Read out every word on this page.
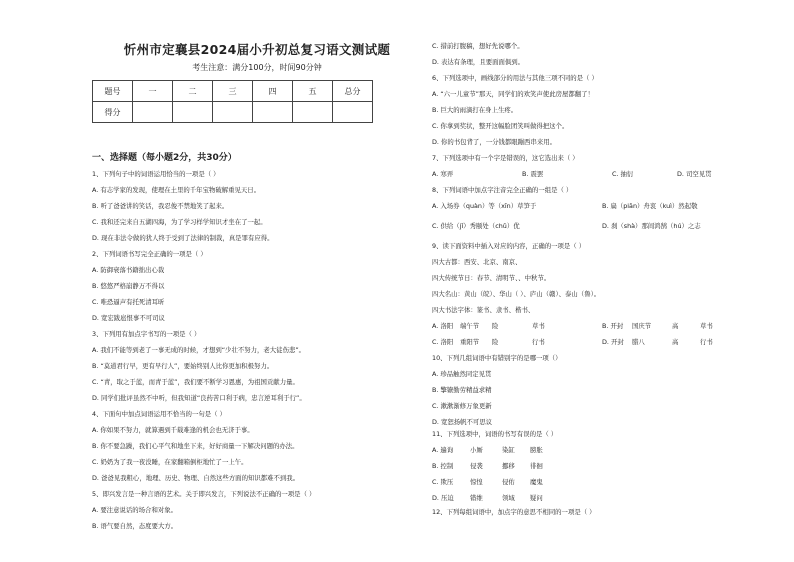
忻州市定襄县2024届小升初总复习语文测试题
考生注意：满分100分，时间90分钟
题号	一	二	三	四	五	总分
得分						
一、选择题（每小题2分，共30分）
1、下列句子中的词语运用恰当的一项是（ ）
A. 有志学家的发现，使理在土里的千年宝物破解重见天日。
B. 听了爸爸讲的笑话，我忍俊不禁地笑了起来。
C. 我和还完来自五湖四海，为了学习样学知识才坐在了一起。
D. 现在非法令做的犹人终于受到了法律的制裁，真是罪有应得。
2、下列词语书写完全正确的一项是（ ）
A. 防御衰落书籍拙出心裁
B. 悠悠严格崩静万不得以
C. 唯恐逼声有托死清耳昕
D. 宽宏跋扈恨事不可司议
3、下列用有加点字书写的一项是（ ）
A. 我们不能等到老了一事无成的时候，才想到“少壮不努力，老大徒伤悲”。
B. “莫道君行早，更有早行人”，要始终别人比你更加积极努力。
C. “青，取之于蓝，而青于蓝”，我们要不断学习恩惠，为祖国贡献力量。
D. 同学们批评虽然不中听，但我知道“良药苦口利于病，忠言逆耳利于行”。
4、下面句中加点词语运用不恰当的一句是（ ）
A. 你如果不努力，就算遇到千载难逢的机会也无济于事。
B. 你不要急躁，我们心平气和地坐下来，好好商量一下解决问题的办法。
C. 奶奶为了我一夜没睡，在家翻箱倒柜地忙了一上午。
D. 爸爸见我粗心，地理、历史、物理、自然这些方面的知识都难不到我。
5、即兴发言是一种言语的艺术。关于即兴发言，下列说法不正确的一项是（ ）
A. 要注意说话的场合和对象。
B. 语气要自然，态度要大方。
C. 措前打腹稿，想好先说哪个。
D. 表达有条理，且要面面俱到。
6、下列选项中，画线部分的用法与其他三项不同的是（ ）
A. “六一儿童节”那天，同学们的欢笑声使此房屋都翻了！
B. 巨大的雨滴打在身上生疼。
C. 你拿到奖状，整开这幅脸团笑叫做得把这个。
D. 你的书包背了，一分钱都眼蹦西串来用。
7、下列选项中有一个字是错误的，这它选出来（ ）
8、下列词语中加点字注音完全正确的一组是（ ）
9、读下面资料中插入对应的内容，正确的一项是（ ）
四大古都：西安、北京、南京、
四大传统节日：春节、清明节、、中秋节。
四大名山：黄山（皖）、华山（ ）、庐山（赣）、泰山（鲁）。
四大书法字体：篆书、隶书、楷书、
10、下列几组词语中有错别字的是哪一项（）
A. 珍品触然同定见贯
B. 擎镣勤劳精益求精
C. 漱漱渐修万象更新
D. 宽恕扬帆不可思议
11、下列选项中，词语的书写有误的是（ ）
12、下列每组词语中，加点字的意思不相同的一项是（ ）
A. 寒弄	B. 震罢	C. 抽衍	D. 司空见贯
A. 入场券（quàn）等（xīn）草笋于	B. 扁（piān）舟衷（kuì）然起敬
C. 供给（jǐ）秀颐处（chǔ）优	D. 刹（shà）那间鸿鹄（hú）之志
A. 洛阳 端午节 险	草书	B. 开封 国庆节	高	草书
C. 洛阳 重阳节 险	行书	D. 开封 腊八	高	行书
A. 遍询	小厮	染缸 膀胀
B. 控制	侵袭	挪移 徘徊
C. 欺压	惊惶	侵佑 魔鬼
D. 压迫	错维	领域 疑问
